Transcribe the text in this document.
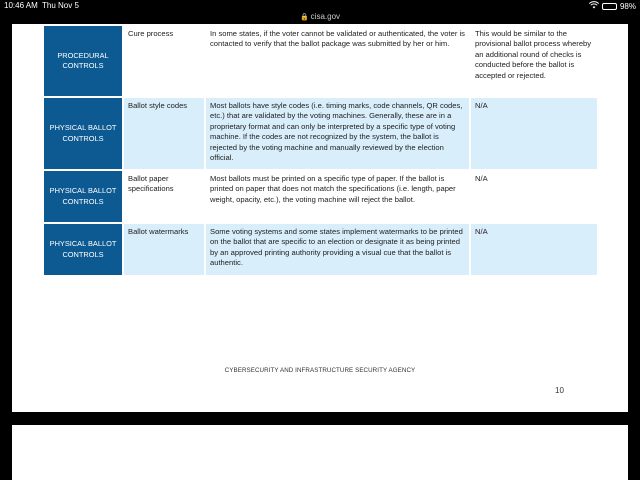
10:46 AM Thu Nov 5	98%
🔒 cisa.gov
PROCEDURAL CONTROLS	Cure process	In some states, if the voter cannot be validated or authenticated, the voter is contacted to verify that the ballot package was submitted by her or him.	This would be similar to the provisional ballot process whereby an additional round of checks is conducted before the ballot is accepted or rejected.
PHYSICAL BALLOT CONTROLS	Ballot style codes	Most ballots have style codes (i.e. timing marks, code channels, QR codes, etc.) that are validated by the voting machines. Generally, these are in a proprietary format and can only be interpreted by a specific type of voting machine. If the codes are not recognized by the system, the ballot is rejected by the voting machine and manually reviewed by the election official.	N/A
PHYSICAL BALLOT CONTROLS	Ballot paper specifications	Most ballots must be printed on a specific type of paper. If the ballot is printed on paper that does not match the specifications (i.e. length, paper weight, opacity, etc.), the voting machine will reject the ballot.	N/A
PHYSICAL BALLOT CONTROLS	Ballot watermarks	Some voting systems and some states implement watermarks to be printed on the ballot that are specific to an election or designate it as being printed by an approved printing authority providing a visual cue that the ballot is authentic.	N/A
CYBERSECURITY AND INFRASTRUCTURE SECURITY AGENCY
10
